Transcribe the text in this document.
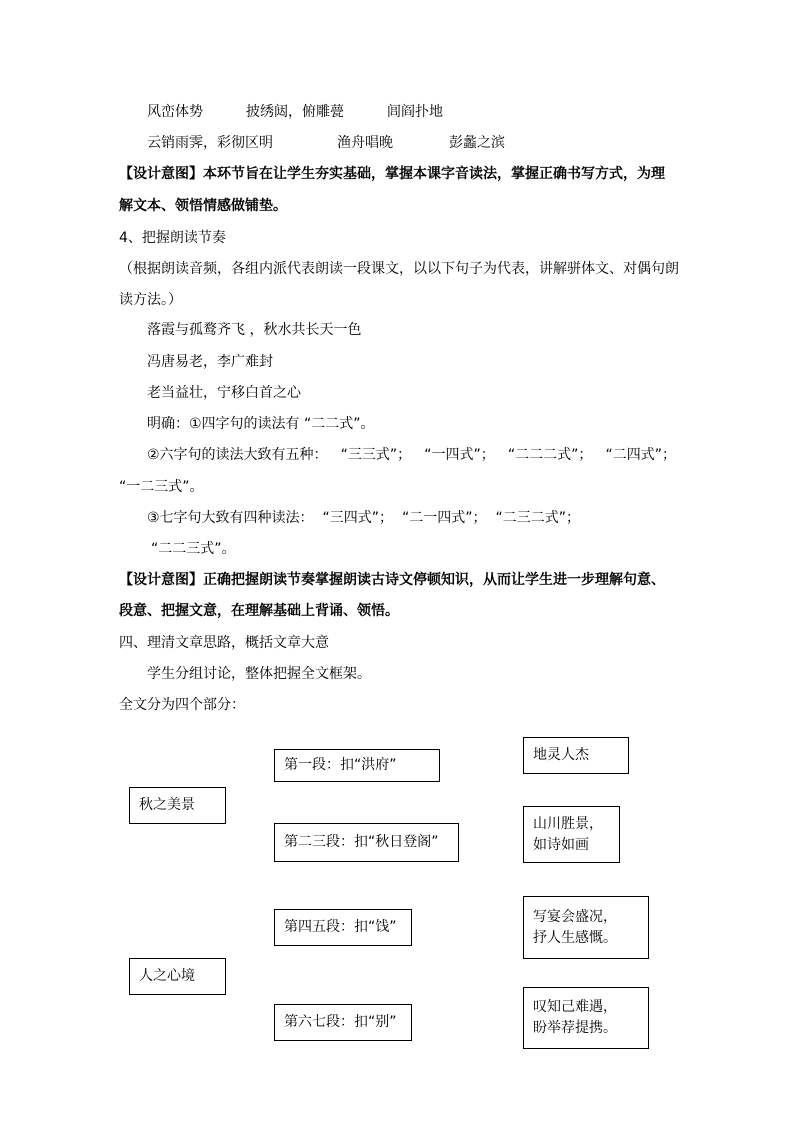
风峦体势	披绣闼，俯雕甍	闾阎扑地
云销雨霁，彩彻区明	渔舟唱晚	彭蠡之滨
【设计意图】本环节旨在让学生夯实基础，掌握本课字音读法，掌握正确书写方式，为理
解文本、领悟情感做铺垫。
4、把握朗读节奏
（根据朗读音频，各组内派代表朗读一段课文，以以下句子为代表，讲解骈体文、对偶句朗
读方法。）
落霞与孤鹜齐飞 ，秋水共长天一色
冯唐易老，李广难封
老当益壮，宁移白首之心
明确：①四字句的读法有 “二二式”。
②六字句的读法大致有五种： “三三式”； “一四式”； “二二二式”； “二四式”；
“一二三式”。
③七字句大致有四种读法： “三四式”； “二一四式”； “二三二式”；
“二二三式”。
【设计意图】正确把握朗读节奏掌握朗读古诗文停顿知识，从而让学生进一步理解句意、
段意、把握文意，在理解基础上背诵、领悟。
四、理清文章思路，概括文章大意
学生分组讨论，整体把握全文框架。
全文分为四个部分：
秋之美景
人之心境
第一段：扣“洪府”
第二三段：扣“秋日登阁”
第四五段：扣“饯”
第六七段：扣“别”
地灵人杰
山川胜景，
如诗如画
写宴会盛况，
抒人生感慨。
叹知己难遇，
盼举荐提携。
